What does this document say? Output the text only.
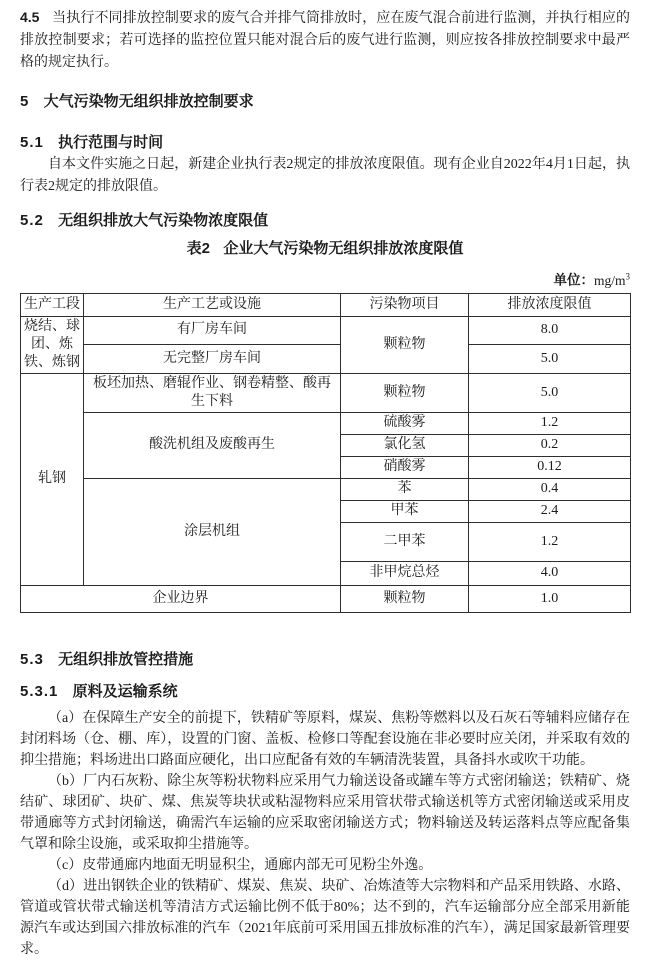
4.5 当执行不同排放控制要求的废气合并排气筒排放时，应在废气混合前进行监测，并执行相应的排放控制要求；若可选择的监控位置只能对混合后的废气进行监测，则应按各排放控制要求中最严格的规定执行。

5 大气污染物无组织排放控制要求
5.1 执行范围与时间

自本文件实施之日起，新建企业执行表2规定的排放浓度限值。现有企业自2022年4月1日起，执行表2规定的排放限值。

5.2 无组织排放大气污染物浓度限值
表2 企业大气污染物无组织排放浓度限值
单位：$mg/m^3$
生产工段	生产工艺或设施	污染物项目	排放浓度限值
烧结、球团、炼铁、炼钢	有厂房车间	颗粒物	8.0
	无完整厂房车间		5.0
轧钢	板坯加热、磨辊作业、钢卷精整、酸再生下料	颗粒物	5.0
	酸洗机组及废酸再生	硫酸雾	1.2
		氯化氢	0.2
		硝酸雾	0.12
	涂层机组	苯	0.4
		甲苯	2.4
		二甲苯	1.2
		非甲烷总烃	4.0
企业边界		颗粒物	1.0
5.3 无组织排放管控措施
5.3.1 原料及运输系统

（a）在保障生产安全的前提下，铁精矿等原料，煤炭、焦粉等燃料以及石灰石等辅料应储存在封闭料场（仓、棚、库），设置的门窗、盖板、检修口等配套设施在非必要时应关闭，并采取有效的抑尘措施；料场进出口路面应硬化，出口应配备有效的车辆清洗装置，具备抖水或吹干功能。

（b）厂内石灰粉、除尘灰等粉状物料应采用气力输送设备或罐车等方式密闭输送；铁精矿、烧结矿、球团矿、块矿、煤、焦炭等块状或粘湿物料应采用管状带式输送机等方式密闭输送或采用皮带通廊等方式封闭输送，确需汽车运输的应采取密闭输送方式；物料输送及转运落料点等应配备集气罩和除尘设施，或采取抑尘措施等。

（c）皮带通廊内地面无明显积尘，通廊内部无可见粉尘外逸。

（d）进出钢铁企业的铁精矿、煤炭、焦炭、块矿、冶炼渣等大宗物料和产品采用铁路、水路、管道或管状带式输送机等清洁方式运输比例不低于80%；达不到的，汽车运输部分应全部采用新能源汽车或达到国六排放标准的汽车（2021年底前可采用国五排放标准的汽车），满足国家最新管理要求。
